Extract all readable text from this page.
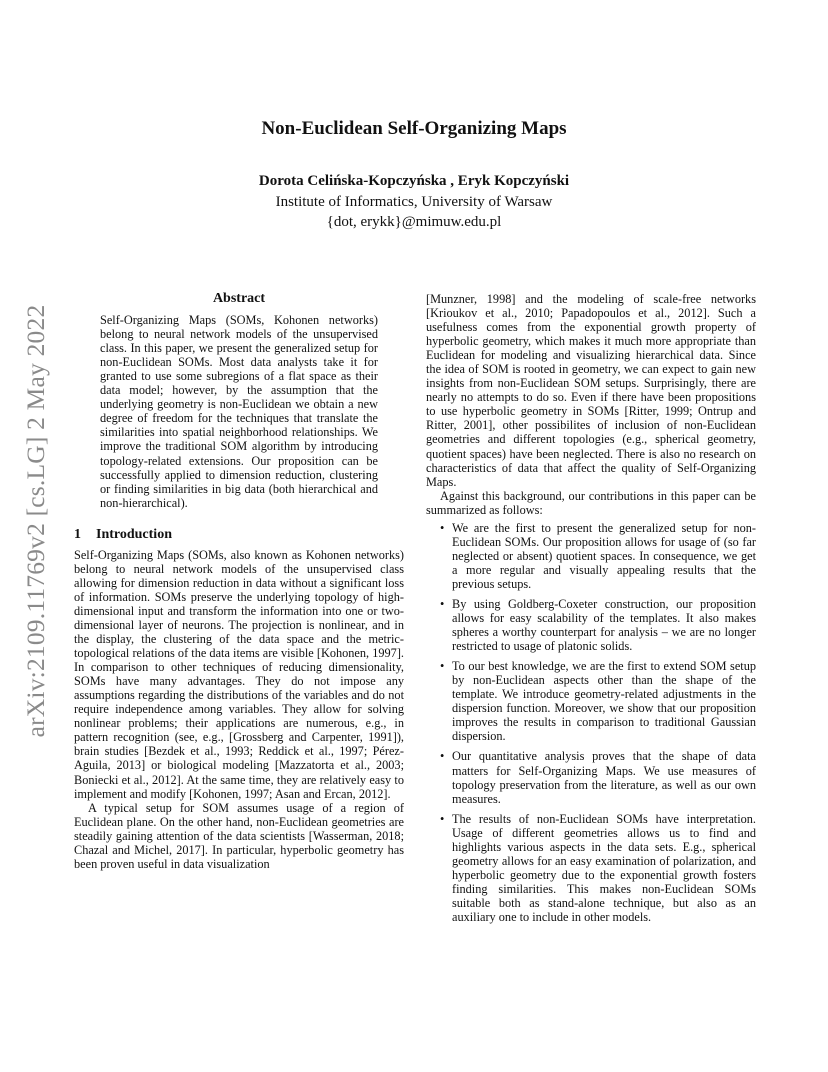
arXiv:2109.11769v2 [cs.LG] 2 May 2022
Non-Euclidean Self-Organizing Maps
Dorota Celińska-Kopczyńska , Eryk Kopczyński
Institute of Informatics, University of Warsaw
{dot, erykk}@mimuw.edu.pl
Abstract

Self-Organizing Maps (SOMs, Kohonen networks) belong to neural network models of the unsupervised class. In this paper, we present the generalized setup for non-Euclidean SOMs. Most data analysts take it for granted to use some subregions of a flat space as their data model; however, by the assumption that the underlying geometry is non-Euclidean we obtain a new degree of freedom for the techniques that translate the similarities into spatial neighborhood relationships. We improve the traditional SOM algorithm by introducing topology-related extensions. Our proposition can be successfully applied to dimension reduction, clustering or finding similarities in big data (both hierarchical and non-hierarchical).

1 Introduction

Self-Organizing Maps (SOMs, also known as Kohonen networks) belong to neural network models of the unsupervised class allowing for dimension reduction in data without a significant loss of information. SOMs preserve the underlying topology of high-dimensional input and transform the information into one or two-dimensional layer of neurons. The projection is nonlinear, and in the display, the clustering of the data space and the metric-topological relations of the data items are visible [Kohonen, 1997]. In comparison to other techniques of reducing dimensionality, SOMs have many advantages. They do not impose any assumptions regarding the distributions of the variables and do not require independence among variables. They allow for solving nonlinear problems; their applications are numerous, e.g., in pattern recognition (see, e.g., [Grossberg and Carpenter, 1991]), brain studies [Bezdek et al., 1993; Reddick et al., 1997; Pérez-Aguila, 2013] or biological modeling [Mazzatorta et al., 2003; Boniecki et al., 2012]. At the same time, they are relatively easy to implement and modify [Kohonen, 1997; Asan and Ercan, 2012].

A typical setup for SOM assumes usage of a region of Euclidean plane. On the other hand, non-Euclidean geometries are steadily gaining attention of the data scientists [Wasserman, 2018; Chazal and Michel, 2017]. In particular, hyperbolic geometry has been proven useful in data visualization

[Munzner, 1998] and the modeling of scale-free networks [Krioukov et al., 2010; Papadopoulos et al., 2012]. Such a usefulness comes from the exponential growth property of hyperbolic geometry, which makes it much more appropriate than Euclidean for modeling and visualizing hierarchical data. Since the idea of SOM is rooted in geometry, we can expect to gain new insights from non-Euclidean SOM setups. Surprisingly, there are nearly no attempts to do so. Even if there have been propositions to use hyperbolic geometry in SOMs [Ritter, 1999; Ontrup and Ritter, 2001], other possibilites of inclusion of non-Euclidean geometries and different topologies (e.g., spherical geometry, quotient spaces) have been neglected. There is also no research on characteristics of data that affect the quality of Self-Organizing Maps.

Against this background, our contributions in this paper can be summarized as follows:

• We are the first to present the generalized setup for non-Euclidean SOMs. Our proposition allows for usage of (so far neglected or absent) quotient spaces. In consequence, we get a more regular and visually appealing results that the previous setups.
• By using Goldberg-Coxeter construction, our proposition allows for easy scalability of the templates. It also makes spheres a worthy counterpart for analysis – we are no longer restricted to usage of platonic solids.
• To our best knowledge, we are the first to extend SOM setup by non-Euclidean aspects other than the shape of the template. We introduce geometry-related adjustments in the dispersion function. Moreover, we show that our proposition improves the results in comparison to traditional Gaussian dispersion.
• Our quantitative analysis proves that the shape of data matters for Self-Organizing Maps. We use measures of topology preservation from the literature, as well as our own measures.
• The results of non-Euclidean SOMs have interpretation. Usage of different geometries allows us to find and highlights various aspects in the data sets. E.g., spherical geometry allows for an easy examination of polarization, and hyperbolic geometry due to the exponential growth fosters finding similarities. This makes non-Euclidean SOMs suitable both as stand-alone technique, but also as an auxiliary one to include in other models.
